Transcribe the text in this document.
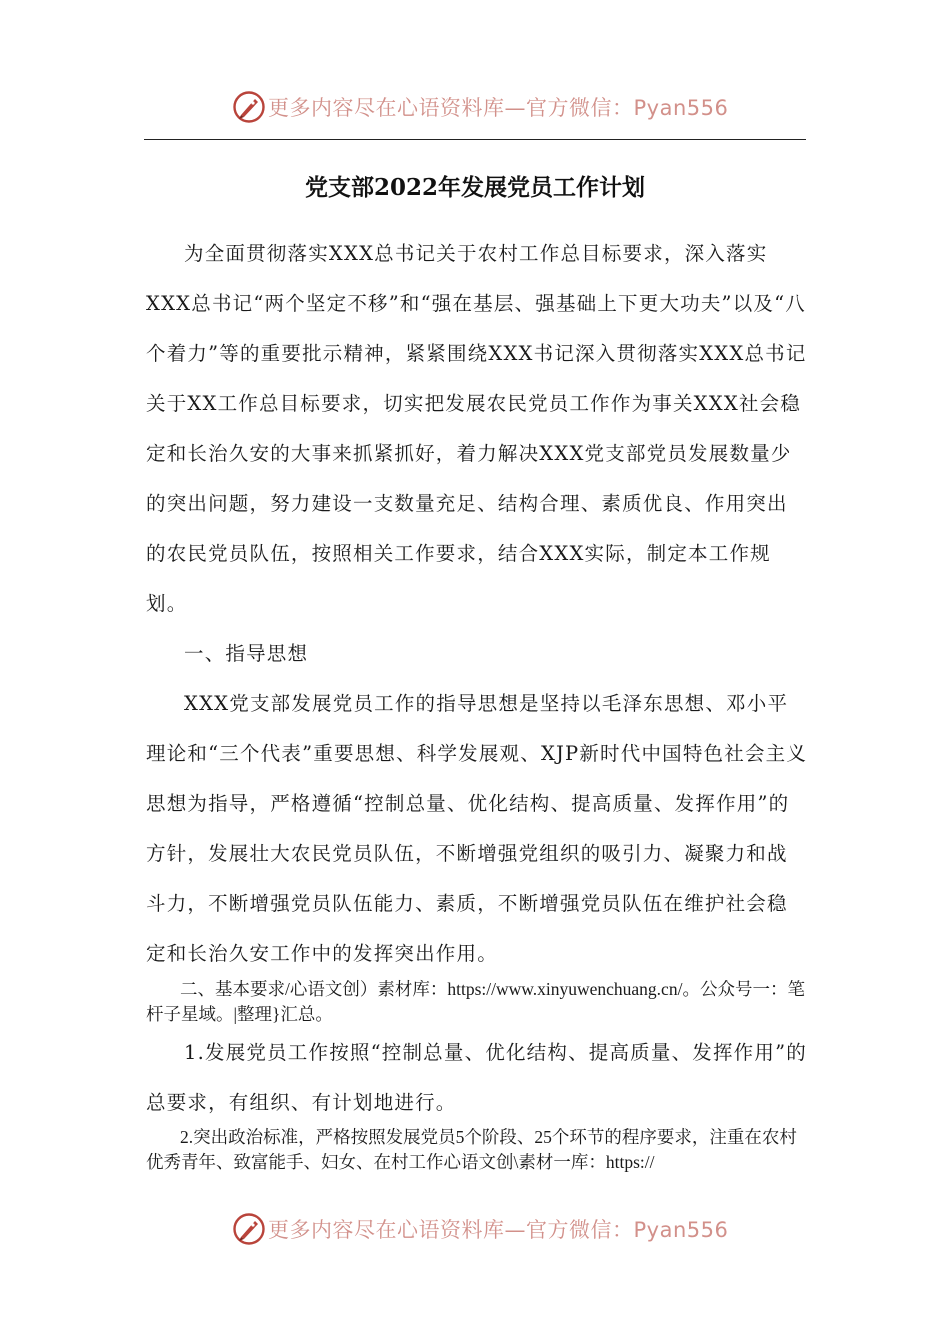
更多内容尽在心语资料库—官方微信：Pyan556
党支部2022年发展党员工作计划

为全面贯彻落实XXX总书记关于农村工作总目标要求，深入落实XXX总书记“两个坚定不移”和“强在基层、强基础上下更大功夫”以及“八个着力”等的重要批示精神，紧紧围绕XXX书记深入贯彻落实XXX总书记关于XX工作总目标要求，切实把发展农民党员工作作为事关XXX社会稳定和长治久安的大事来抓紧抓好，着力解决XXX党支部党员发展数量少的突出问题，努力建设一支数量充足、结构合理、素质优良、作用突出的农民党员队伍，按照相关工作要求，结合XXX实际，制定本工作规划。

一、指导思想

XXX党支部发展党员工作的指导思想是坚持以毛泽东思想、邓小平理论和“三个代表”重要思想、科学发展观、XJP新时代中国特色社会主义思想为指导，严格遵循“控制总量、优化结构、提高质量、发挥作用”的方针，发展壮大农民党员队伍，不断增强党组织的吸引力、凝聚力和战斗力，不断增强党员队伍能力、素质，不断增强党员队伍在维护社会稳定和长治久安工作中的发挥突出作用。

二、基本要求/心语文创）素材库：https://www.xinyuwenchuang.cn/。公众号一：笔杆子星域。|整理}汇总。

1.发展党员工作按照“控制总量、优化结构、提高质量、发挥作用”的总要求，有组织、有计划地进行。

2.突出政治标准，严格按照发展党员5个阶段、25个环节的程序要求，注重在农村优秀青年、致富能手、妇女、在村工作心语文创\素材一库：https://

更多内容尽在心语资料库—官方微信：Pyan556
